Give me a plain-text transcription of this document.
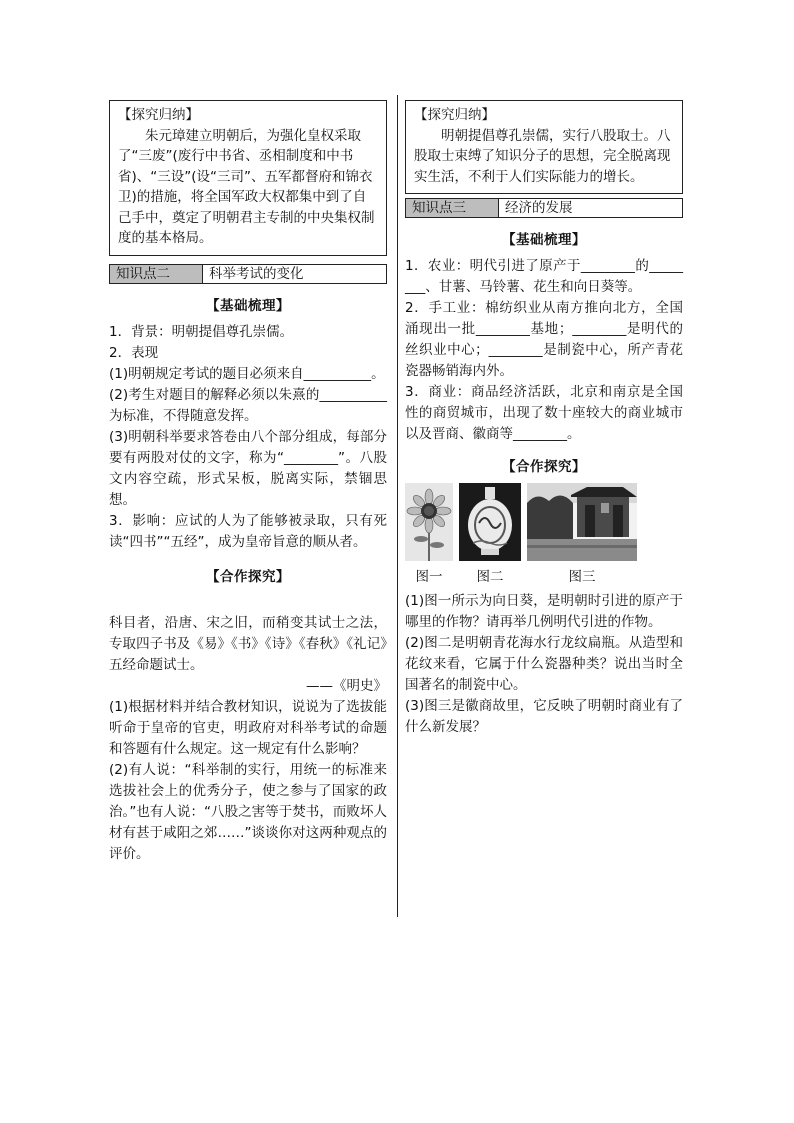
【探究归纳】

朱元璋建立明朝后，为强化皇权采取了“三废”(废行中书省、丞相制度和中书省)、“三设”(设“三司”、五军都督府和锦衣卫)的措施，将全国军政大权都集中到了自己手中，奠定了明朝君主专制的中央集权制度的基本格局。

知识点二	科举考试的变化
【基础梳理】

1．背景：明朝提倡尊孔崇儒。

2．表现

(1)明朝规定考试的题目必须来自__________。

(2)考生对题目的解释必须以朱熹的__________为标准，不得随意发挥。

(3)明朝科举要求答卷由八个部分组成，每部分要有两股对仗的文字，称为“________”。八股文内容空疏，形式呆板，脱离实际，禁锢思想。

3．影响：应试的人为了能够被录取，只有死读“四书”“五经”，成为皇帝旨意的顺从者。

【合作探究】

科目者，沿唐、宋之旧，而稍变其试士之法，专取四子书及《易》《书》《诗》《春秋》《礼记》五经命题试士。

——《明史》

(1)根据材料并结合教材知识，说说为了选拔能听命于皇帝的官吏，明政府对科举考试的命题和答题有什么规定。这一规定有什么影响？

(2)有人说：“科举制的实行，用统一的标准来选拔社会上的优秀分子，使之参与了国家的政治。”也有人说：“八股之害等于焚书，而败坏人材有甚于咸阳之郊……”谈谈你对这两种观点的评价。

【探究归纳】

明朝提倡尊孔崇儒，实行八股取士。八股取士束缚了知识分子的思想，完全脱离现实生活，不利于人们实际能力的增长。

知识点三	经济的发展
【基础梳理】

1．农业：明代引进了原产于________的________、甘薯、马铃薯、花生和向日葵等。

2．手工业：棉纺织业从南方推向北方，全国涌现出一批________基地；________是明代的丝织业中心；________是制瓷中心，所产青花瓷器畅销海内外。

3．商业：商品经济活跃，北京和南京是全国性的商贸城市，出现了数十座较大的商业城市以及晋商、徽商等________。

【合作探究】
图一	图二	图三

(1)图一所示为向日葵，是明朝时引进的原产于哪里的作物？请再举几例明代引进的作物。

(2)图二是明朝青花海水行龙纹扁瓶。从造型和花纹来看，它属于什么瓷器种类？说出当时全国著名的制瓷中心。

(3)图三是徽商故里，它反映了明朝时商业有了什么新发展？
